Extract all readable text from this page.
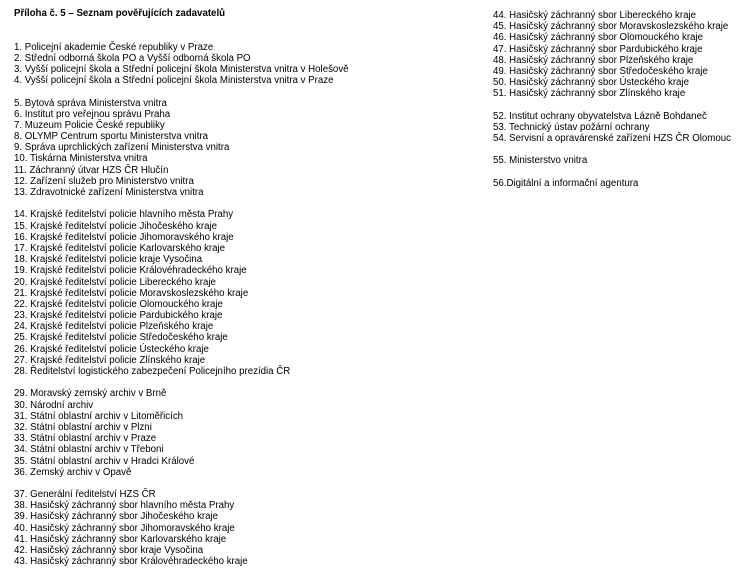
Příloha č. 5 – Seznam pověřujících zadavatelů
1. Policejní akademie České republiky v Praze
2. Střední odborná škola PO a Vyšší odborná škola PO
3. Vyšší policejní škola a Střední policejní škola Ministerstva vnitra v Holešově
4. Vyšší policejní škola a Střední policejní škola Ministerstva vnitra v Praze
5. Bytová správa Ministerstva vnitra
6. Institut pro veřejnou správu Praha
7. Muzeum Policie České republiky
8. OLYMP Centrum sportu Ministerstva vnitra
9. Správa uprchlických zařízení Ministerstva vnitra
10. Tiskárna Ministerstva vnitra
11. Záchranný útvar HZS ČR Hlučín
12. Zařízení služeb pro Ministerstvo vnitra
13. Zdravotnické zařízení Ministerstva vnitra
14. Krajské ředitelství policie hlavního města Prahy
15. Krajské ředitelství policie Jihočeského kraje
16. Krajské ředitelství policie Jihomoravského kraje
17. Krajské ředitelství policie Karlovarského kraje
18. Krajské ředitelství policie kraje Vysočina
19. Krajské ředitelství policie Královéhradeckého kraje
20. Krajské ředitelství policie Libereckého kraje
21. Krajské ředitelství policie Moravskoslezského kraje
22. Krajské ředitelství policie Olomouckého kraje
23. Krajské ředitelství policie Pardubického kraje
24. Krajské ředitelství policie Plzeňského kraje
25. Krajské ředitelství policie Středočeského kraje
26. Krajské ředitelství policie Ústeckého kraje
27. Krajské ředitelství policie Zlínského kraje
28. Ředitelství logistického zabezpečení Policejního prezídia ČR
29. Moravský zemský archiv v Brně
30. Národní archiv
31. Státní oblastní archiv v Litoměřicích
32. Státní oblastní archiv v Plzni
33. Státní oblastní archiv v Praze
34. Státní oblastní archiv v Třeboni
35. Státní oblastní archiv v Hradci Králové
36. Zemský archiv v Opavě
37. Generální ředitelství HZS ČR
38. Hasičský záchranný sbor hlavního města Prahy
39. Hasičský záchranný sbor Jihočeského kraje
40. Hasičský záchranný sbor Jihomoravského kraje
41. Hasičský záchranný sbor Karlovarského kraje
42. Hasičský záchranný sbor kraje Vysočina
43. Hasičský záchranný sbor Královéhradeckého kraje
44. Hasičský záchranný sbor Libereckého kraje
45. Hasičský záchranný sbor Moravskoslezského kraje
46. Hasičský záchranný sbor Olomouckého kraje
47. Hasičský záchranný sbor Pardubického kraje
48. Hasičský záchranný sbor Plzeňského kraje
49. Hasičský záchranný sbor Středočeského kraje
50. Hasičský záchranný sbor Ústeckého kraje
51. Hasičský záchranný sbor Zlínského kraje
52. Institut ochrany obyvatelstva Lázně Bohdaneč
53. Technický ústav požární ochrany
54. Servisní a opravárenské zařízení HZS ČR Olomouc
55. Ministerstvo vnitra
56.Digitální a informační agentura
